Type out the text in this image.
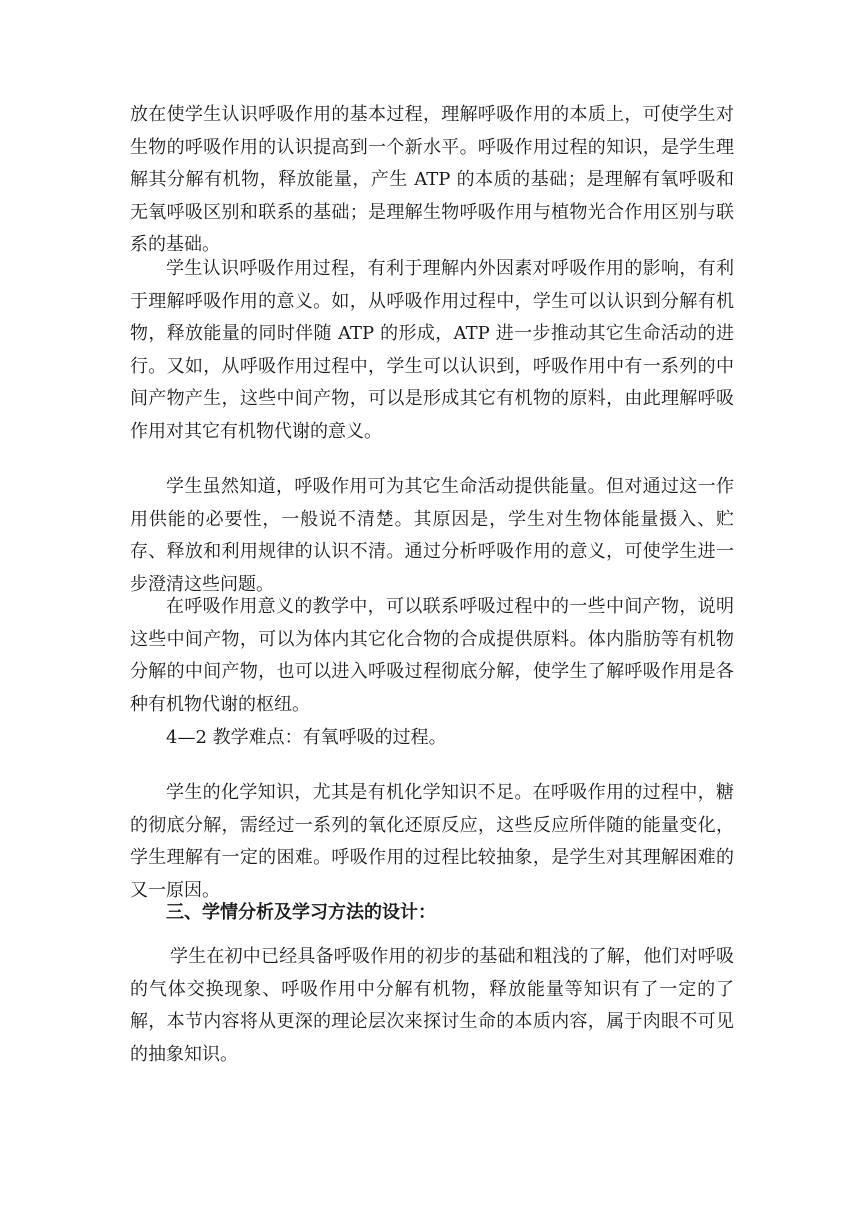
放在使学生认识呼吸作用的基本过程，理解呼吸作用的本质上，可使学生对生物的呼吸作用的认识提高到一个新水平。呼吸作用过程的知识，是学生理解其分解有机物，释放能量，产生 ATP 的本质的基础；是理解有氧呼吸和无氧呼吸区别和联系的基础；是理解生物呼吸作用与植物光合作用区别与联系的基础。

学生认识呼吸作用过程，有利于理解内外因素对呼吸作用的影响，有利于理解呼吸作用的意义。如，从呼吸作用过程中，学生可以认识到分解有机物，释放能量的同时伴随 ATP 的形成，ATP 进一步推动其它生命活动的进行。又如，从呼吸作用过程中，学生可以认识到，呼吸作用中有一系列的中间产物产生，这些中间产物，可以是形成其它有机物的原料，由此理解呼吸作用对其它有机物代谢的意义。

学生虽然知道，呼吸作用可为其它生命活动提供能量。但对通过这一作用供能的必要性，一般说不清楚。其原因是，学生对生物体能量摄入、贮存、释放和利用规律的认识不清。通过分析呼吸作用的意义，可使学生进一步澄清这些问题。

在呼吸作用意义的教学中，可以联系呼吸过程中的一些中间产物，说明这些中间产物，可以为体内其它化合物的合成提供原料。体内脂肪等有机物分解的中间产物，也可以进入呼吸过程彻底分解，使学生了解呼吸作用是各种有机物代谢的枢纽。

4—2 教学难点：有氧呼吸的过程。

学生的化学知识，尤其是有机化学知识不足。在呼吸作用的过程中，糖的彻底分解，需经过一系列的氧化还原反应，这些反应所伴随的能量变化，学生理解有一定的困难。呼吸作用的过程比较抽象，是学生对其理解困难的又一原因。

三、学情分析及学习方法的设计：

学生在初中已经具备呼吸作用的初步的基础和粗浅的了解，他们对呼吸的气体交换现象、呼吸作用中分解有机物，释放能量等知识有了一定的了解，本节内容将从更深的理论层次来探讨生命的本质内容，属于肉眼不可见的抽象知识。
